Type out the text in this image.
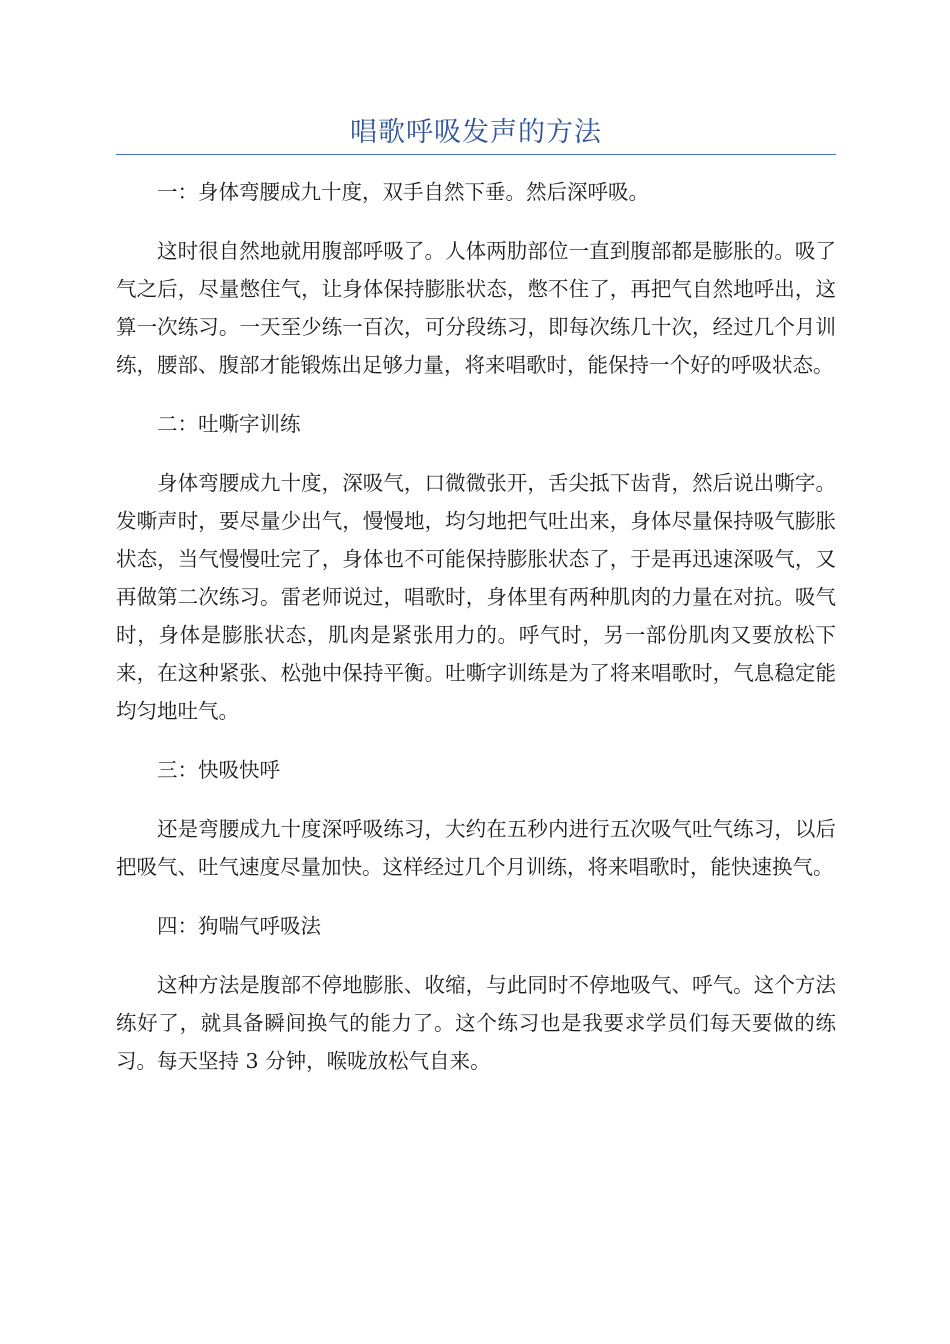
唱歌呼吸发声的方法

一：身体弯腰成九十度，双手自然下垂。然后深呼吸。

这时很自然地就用腹部呼吸了。人体两肋部位一直到腹部都是膨胀的。吸了气之后，尽量憋住气，让身体保持膨胀状态，憋不住了，再把气自然地呼出，这算一次练习。一天至少练一百次，可分段练习，即每次练几十次，经过几个月训练，腰部、腹部才能锻炼出足够力量，将来唱歌时，能保持一个好的呼吸状态。

二：吐嘶字训练

身体弯腰成九十度，深吸气，口微微张开，舌尖抵下齿背，然后说出嘶字。发嘶声时，要尽量少出气，慢慢地，均匀地把气吐出来，身体尽量保持吸气膨胀状态，当气慢慢吐完了，身体也不可能保持膨胀状态了，于是再迅速深吸气，又再做第二次练习。雷老师说过，唱歌时，身体里有两种肌肉的力量在对抗。吸气时，身体是膨胀状态，肌肉是紧张用力的。呼气时，另一部份肌肉又要放松下来，在这种紧张、松弛中保持平衡。吐嘶字训练是为了将来唱歌时，气息稳定能均匀地吐气。

三：快吸快呼

还是弯腰成九十度深呼吸练习，大约在五秒内进行五次吸气吐气练习，以后把吸气、吐气速度尽量加快。这样经过几个月训练，将来唱歌时，能快速换气。

四：狗喘气呼吸法

这种方法是腹部不停地膨胀、收缩，与此同时不停地吸气、呼气。这个方法练好了，就具备瞬间换气的能力了。这个练习也是我要求学员们每天要做的练习。每天坚持 3 分钟，喉咙放松气自来。
